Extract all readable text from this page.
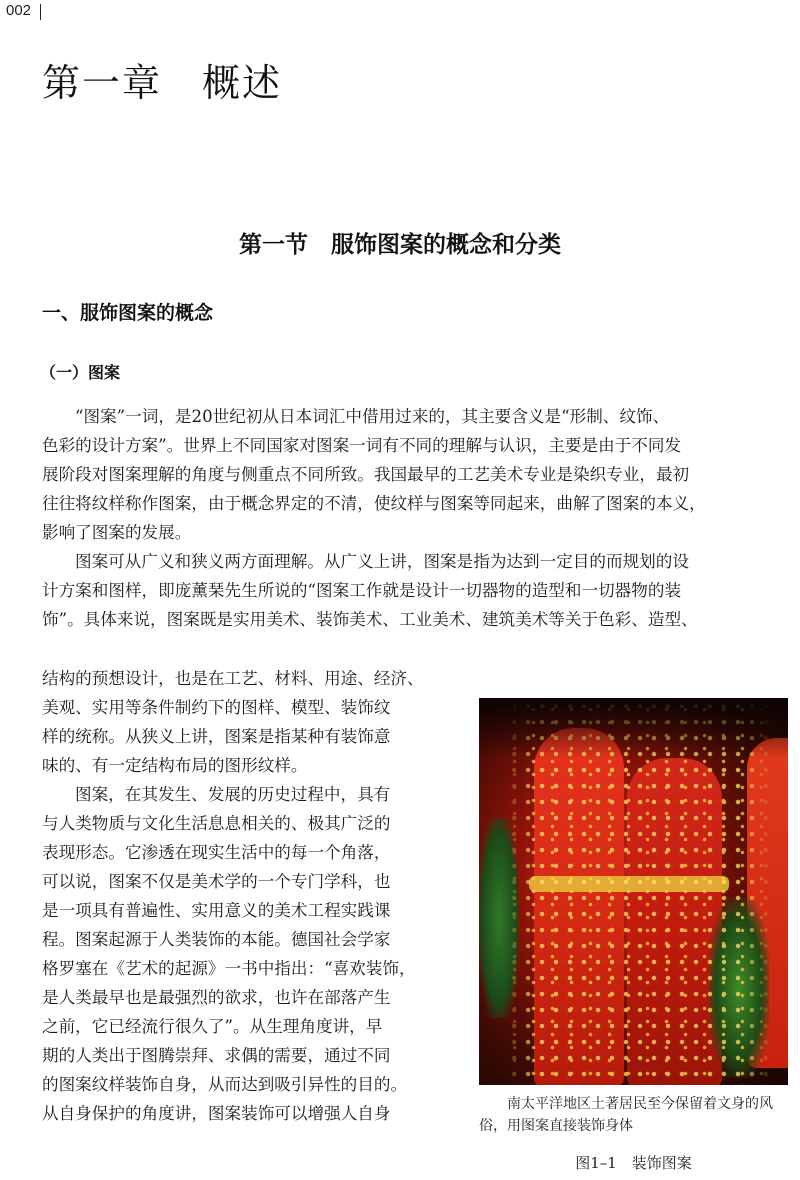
002
第一章　概述
第一节　服饰图案的概念和分类
一、服饰图案的概念
（一）图案
“图案”一词，是20世纪初从日本词汇中借用过来的，其主要含义是“形制、纹饰、
色彩的设计方案”。世界上不同国家对图案一词有不同的理解与认识，主要是由于不同发
展阶段对图案理解的角度与侧重点不同所致。我国最早的工艺美术专业是染织专业，最初
往往将纹样称作图案，由于概念界定的不清，使纹样与图案等同起来，曲解了图案的本义，
影响了图案的发展。
图案可从广义和狭义两方面理解。从广义上讲，图案是指为达到一定目的而规划的设
计方案和图样，即庞薰琹先生所说的“图案工作就是设计一切器物的造型和一切器物的装
饰”。具体来说，图案既是实用美术、装饰美术、工业美术、建筑美术等关于色彩、造型、
结构的预想设计，也是在工艺、材料、用途、经济、
美观、实用等条件制约下的图样、模型、装饰纹
样的统称。从狭义上讲，图案是指某种有装饰意
味的、有一定结构布局的图形纹样。
图案，在其发生、发展的历史过程中，具有
与人类物质与文化生活息息相关的、极其广泛的
表现形态。它渗透在现实生活中的每一个角落，
可以说，图案不仅是美术学的一个专门学科，也
是一项具有普遍性、实用意义的美术工程实践课
程。图案起源于人类装饰的本能。德国社会学家
格罗塞在《艺术的起源》一书中指出：“喜欢装饰，
是人类最早也是最强烈的欲求，也许在部落产生
之前，它已经流行很久了”。从生理角度讲，早
期的人类出于图腾崇拜、求偶的需要，通过不同
的图案纹样装饰自身，从而达到吸引异性的目的。
从自身保护的角度讲，图案装饰可以增强人自身	南太平洋地区土著居民至今保留着文身的风
俗，用图案直接装饰身体
图1–1　装饰图案
